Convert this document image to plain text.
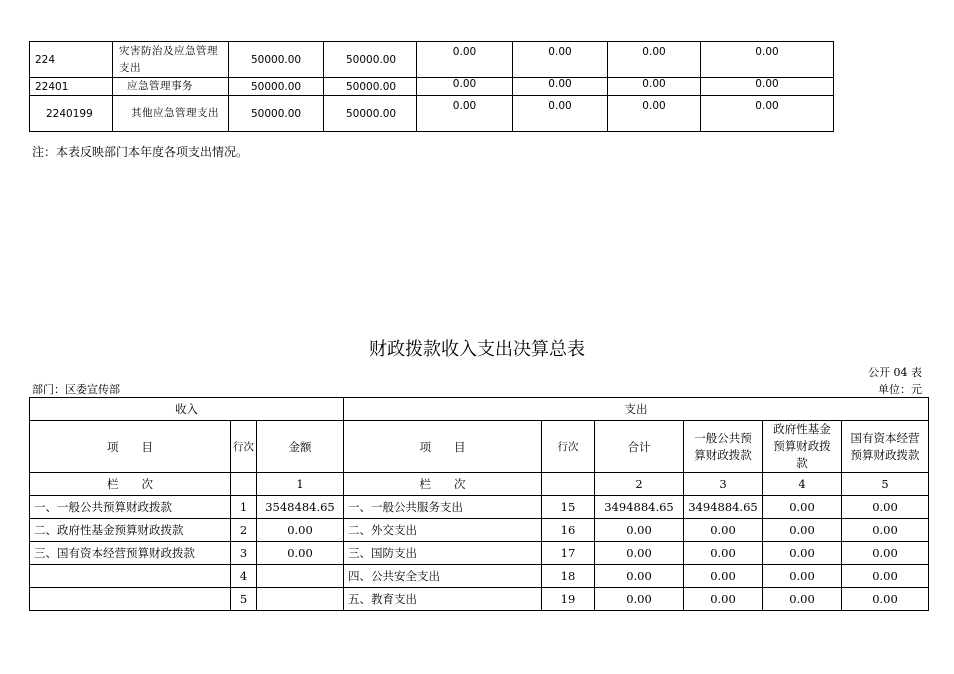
224	灾害防治及应急管理支出	50000.00	50000.00	0.00	0.00	0.00	0.00
22401	应急管理事务	50000.00	50000.00	0.00	0.00	0.00	0.00
2240199	其他应急管理支出	50000.00	50000.00	0.00	0.00	0.00	0.00
注：本表反映部门本年度各项支出情况。
财政拨款收入支出决算总表
公开 04 表
部门：区委宣传部	单位：元
收入			支出					
项　　目	行次	金额	项　　目	行次	合计	一般公共预算财政拨款	政府性基金预算财政拨款	国有资本经营预算财政拨款
栏　　次		1	栏　　次		2	3	4	5
一、一般公共预算财政拨款	1	3548484.65	一、一般公共服务支出	15	3494884.65	3494884.65	0.00	0.00
二、政府性基金预算财政拨款	2	0.00	二、外交支出	16	0.00	0.00	0.00	0.00
三、国有资本经营预算财政拨款	3	0.00	三、国防支出	17	0.00	0.00	0.00	0.00
	4		四、公共安全支出	18	0.00	0.00	0.00	0.00
	5		五、教育支出	19	0.00	0.00	0.00	0.00
